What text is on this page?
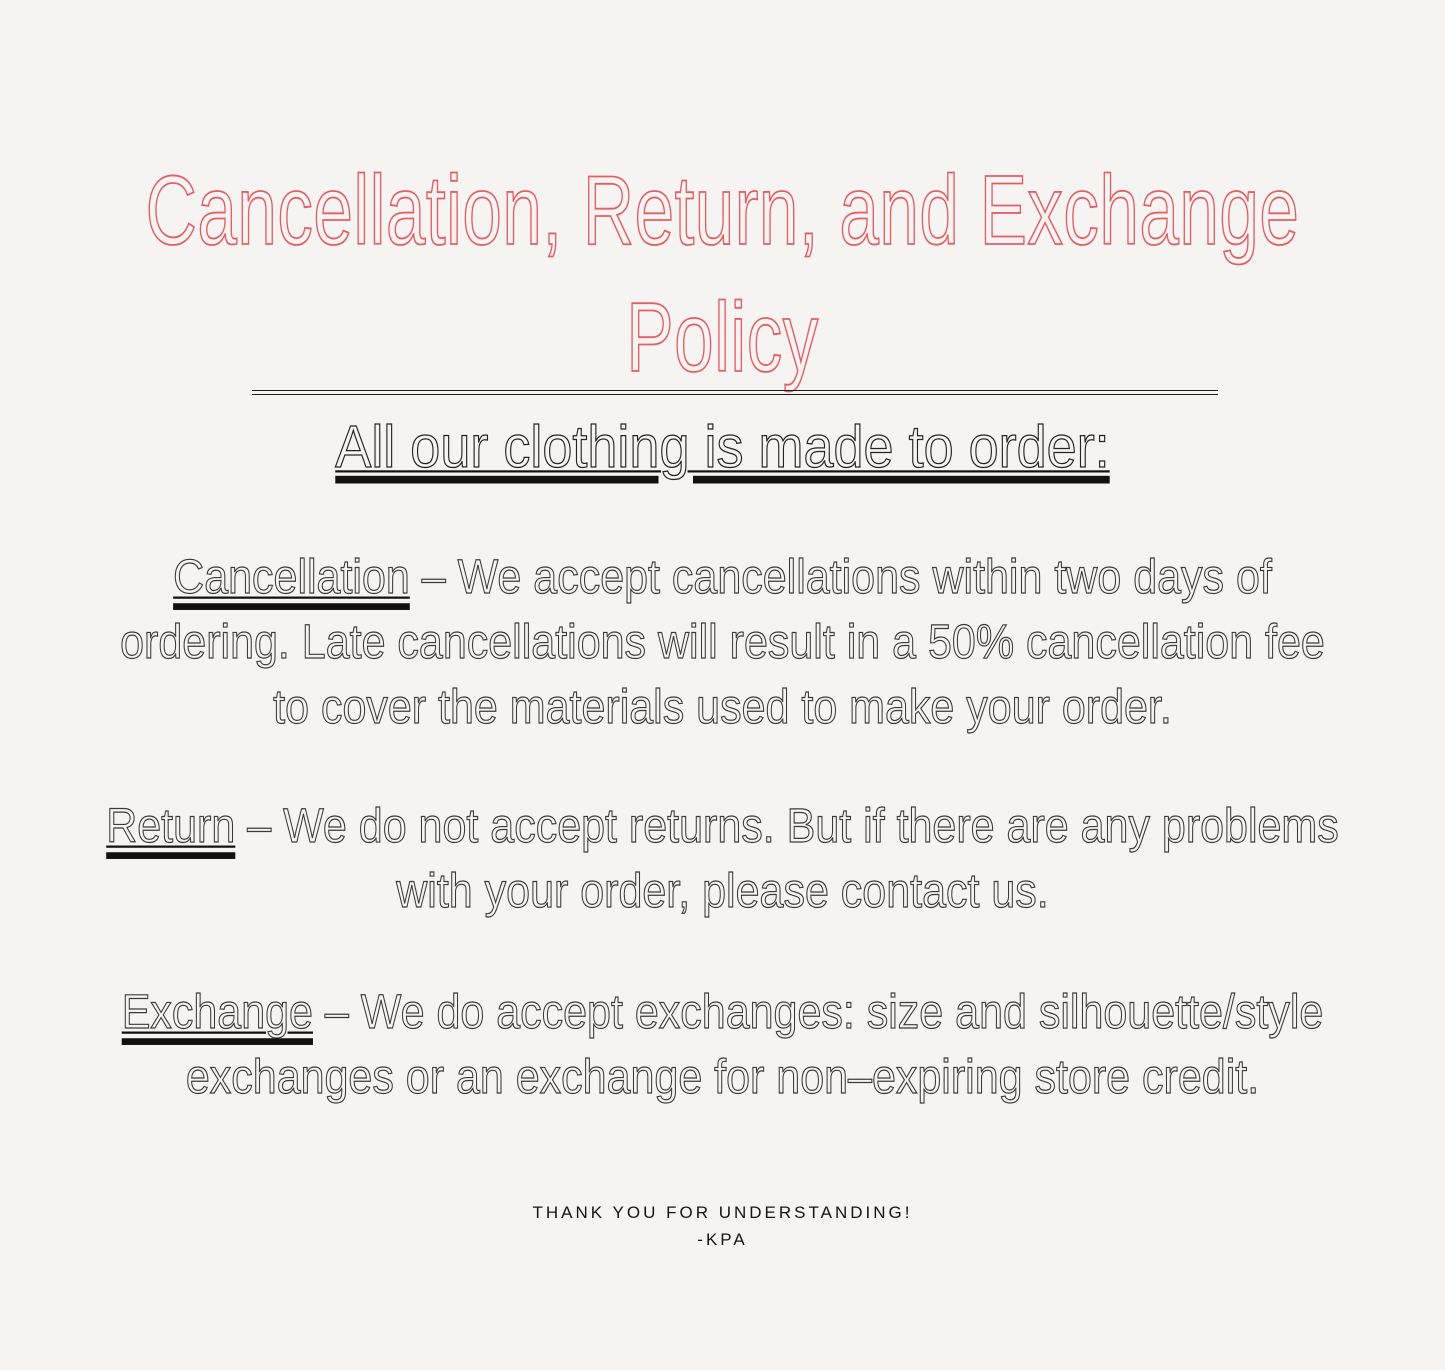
Cancellation, Return, and Exchange
Policy
All our clothing is made to order:
Cancellation – We accept cancellations within two days of
ordering. Late cancellations will result in a 50% cancellation fee
to cover the materials used to make your order.
Return – We do not accept returns. But if there are any problems
with your order, please contact us.
Exchange – We do accept exchanges: size and silhouette/style
exchanges or an exchange for non–expiring store credit.
THANK YOU FOR UNDERSTANDING!
-KPA
